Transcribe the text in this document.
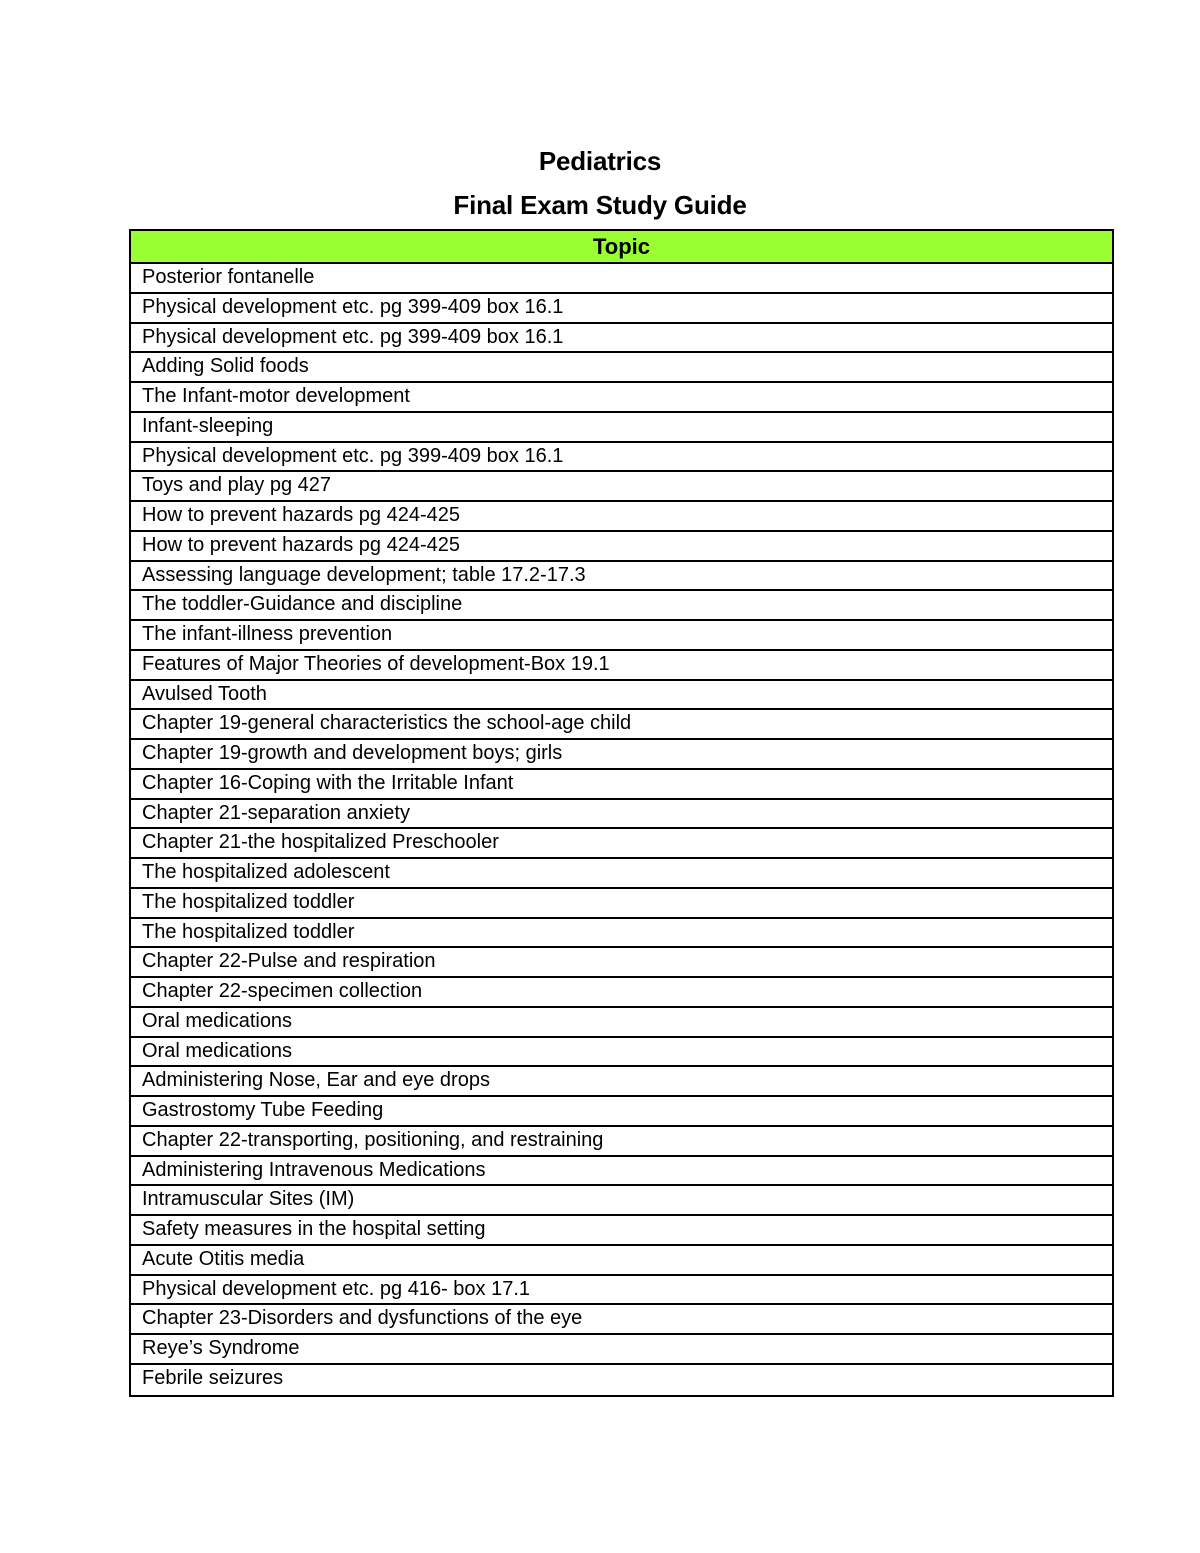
Pediatrics
Final Exam Study Guide
Topic
Posterior fontanelle
Physical development etc. pg 399-409 box 16.1
Physical development etc. pg 399-409 box 16.1
Adding Solid foods
The Infant-motor development
Infant-sleeping
Physical development etc. pg 399-409 box 16.1
Toys and play pg 427
How to prevent hazards pg 424-425
How to prevent hazards pg 424-425
Assessing language development; table 17.2-17.3
The toddler-Guidance and discipline
The infant-illness prevention
Features of Major Theories of development-Box 19.1
Avulsed Tooth
Chapter 19-general characteristics the school-age child
Chapter 19-growth and development boys; girls
Chapter 16-Coping with the Irritable Infant
Chapter 21-separation anxiety
Chapter 21-the hospitalized Preschooler
The hospitalized adolescent
The hospitalized toddler
The hospitalized toddler
Chapter 22-Pulse and respiration
Chapter 22-specimen collection
Oral medications
Oral medications
Administering Nose, Ear and eye drops
Gastrostomy Tube Feeding
Chapter 22-transporting, positioning, and restraining
Administering Intravenous Medications
Intramuscular Sites (IM)
Safety measures in the hospital setting
Acute Otitis media
Physical development etc. pg 416- box 17.1
Chapter 23-Disorders and dysfunctions of the eye
Reye’s Syndrome
Febrile seizures
